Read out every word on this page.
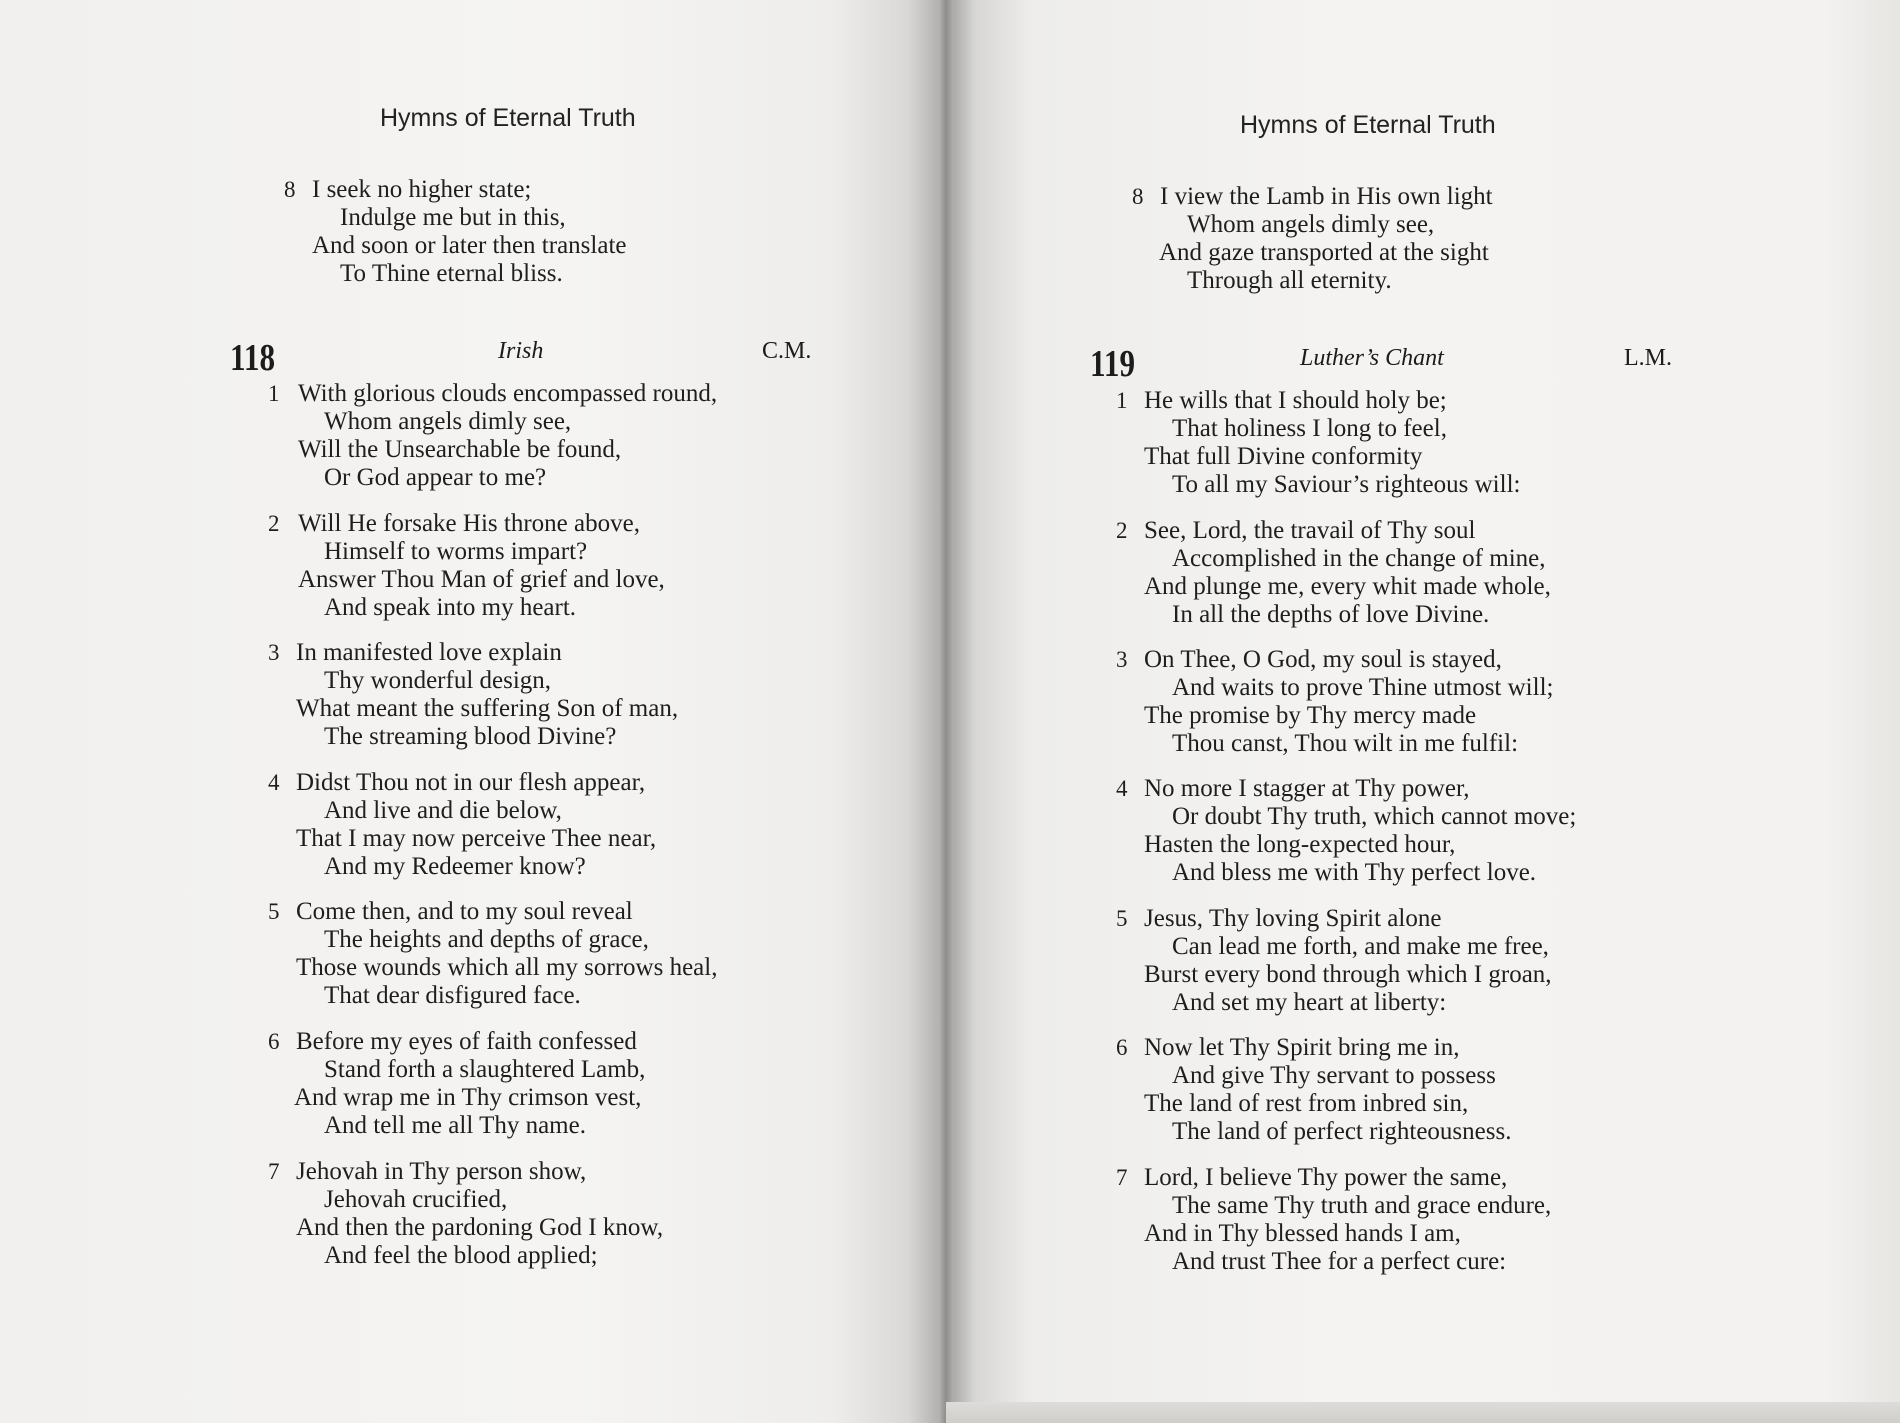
Hymns of Eternal Truth
8 I seek no higher state;
Indulge me but in this,
And soon or later then translate
To Thine eternal bliss.
118	Irish	C.M.
1 With glorious clouds encompassed round,
Whom angels dimly see,
Will the Unsearchable be found,
Or God appear to me?
2 Will He forsake His throne above,
Himself to worms impart?
Answer Thou Man of grief and love,
And speak into my heart.
3 In manifested love explain
Thy wonderful design,
What meant the suffering Son of man,
The streaming blood Divine?
4 Didst Thou not in our flesh appear,
And live and die below,
That I may now perceive Thee near,
And my Redeemer know?
5 Come then, and to my soul reveal
The heights and depths of grace,
Those wounds which all my sorrows heal,
That dear disfigured face.
6 Before my eyes of faith confessed
Stand forth a slaughtered Lamb,
And wrap me in Thy crimson vest,
And tell me all Thy name.
7 Jehovah in Thy person show,
Jehovah crucified,
And then the pardoning God I know,
And feel the blood applied;
Hymns of Eternal Truth
8 I view the Lamb in His own light
Whom angels dimly see,
And gaze transported at the sight
Through all eternity.
119	Luther’s Chant	L.M.
1 He wills that I should holy be;
That holiness I long to feel,
That full Divine conformity
To all my Saviour’s righteous will:
2 See, Lord, the travail of Thy soul
Accomplished in the change of mine,
And plunge me, every whit made whole,
In all the depths of love Divine.
3 On Thee, O God, my soul is stayed,
And waits to prove Thine utmost will;
The promise by Thy mercy made
Thou canst, Thou wilt in me fulfil:
4 No more I stagger at Thy power,
Or doubt Thy truth, which cannot move;
Hasten the long-expected hour,
And bless me with Thy perfect love.
5 Jesus, Thy loving Spirit alone
Can lead me forth, and make me free,
Burst every bond through which I groan,
And set my heart at liberty:
6 Now let Thy Spirit bring me in,
And give Thy servant to possess
The land of rest from inbred sin,
The land of perfect righteousness.
7 Lord, I believe Thy power the same,
The same Thy truth and grace endure,
And in Thy blessed hands I am,
And trust Thee for a perfect cure:
